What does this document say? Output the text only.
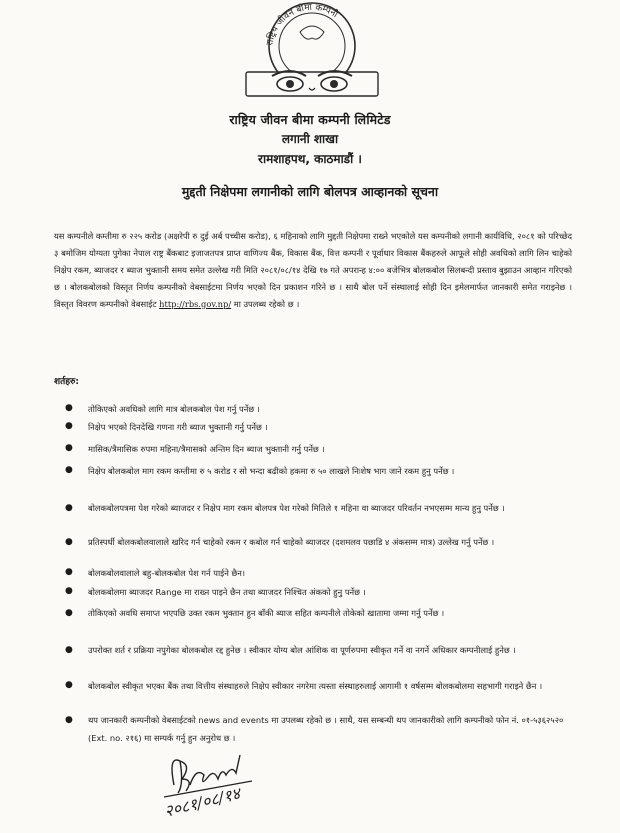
राष्ट्रिय जीवन बीमा कम्पनी
राष्ट्रिय जीवन बीमा कम्पनी लिमिटेड
लगानी शाखा
रामशाहपथ, काठमाडौं ।
मुद्दती निक्षेपमा लगानीको लागि बोलपत्र आव्हानको सूचना

यस कम्पनीले कम्तीमा रु २२५ करोड (अक्षरेपी रु दुई अर्ब पच्चीस करोड), ६ महिनाको लागि मुद्दती निक्षेपमा राख्ने भएकोले यस कम्पनीको लगानी कार्यविधि, २०८१ को परिच्छेद ३ बमोजिम योग्यता पुगेका नेपाल राष्ट्र बैंकबाट इजाजतपत्र प्राप्त वाणिज्य बैंक, विकास बैंक, वित्त कम्पनी र पूर्वाधार विकास बैंकहरुले आफूले सोही अवधिको लागि लिन चाहेको निक्षेप रकम, ब्याजदर र ब्याज भुक्तानी समय समेत उल्लेख गरी मिति २०८१/०८/१४ देखि १७ गते अपरान्ह ४:०० बजेभित्र बोलकबोल सिलबन्दी प्रस्ताव बुझाउन आव्हान गरिएको छ । बोलकबोलको विस्तृत निर्णय कम्पनीको वेबसाईटमा निर्णय भएको दिन प्रकाशन गरिने छ । साथै बोल पर्ने संस्थालाई सोही दिन इमेलमार्फत जानकारी समेत गराइनेछ । विस्तृत विवरण कम्पनीको वेबसाईट http://rbs.gov.np/ मा उपलब्ध रहेको छ ।

शर्तहरु:
● तोकिएको अवधिको लागि मात्र बोलकबोल पेश गर्नु पर्नेछ ।
● निक्षेप भएको दिनदेखि गणना गरी ब्याज भुक्तानी गर्नु पर्नेछ ।
● मासिक/त्रैमासिक रुपमा महिना/त्रैमासको अन्तिम दिन ब्याज भुक्तानी गर्नु पर्नेछ ।
● निक्षेप बोलकबोल माग रकम कम्तीमा रु ५ करोड र सो भन्दा बढीको हकमा रु ५० लाखले निःशेष भाग जाने रकम हुनु पर्नेछ ।
● बोलकबोलपत्रमा पेश गरेको ब्याजदर र निक्षेप माग रकम बोलपत्र पेश गरेको मितिले १ महिना वा ब्याजदर परिवर्तन नभएसम्म मान्य हुनु पर्नेछ ।
● प्रतिस्पर्धी बोलकबोलवालाले खरिद गर्न चाहेको रकम र कबोल गर्न चाहेको ब्याजदर (दशमलव पछाडि ४ अंकसम्म मात्र) उल्लेख गर्नु पर्नेछ ।
● बोलकबोलवालाले बहु-बोलकबोल पेश गर्न पाईने छैन।
● बोलकबोलमा ब्याजदर Range मा राख्न पाइने छैन तथा ब्याजदर निश्चित अंकको हुनु पर्नेछ ।
● तोकिएको अवधि समाप्त भएपछि उक्त रकम भुक्तान हुन बाँकी ब्याज सहित कम्पनीले तोकेको खातामा जम्मा गर्नु पर्नेछ ।
● उपरोक्त शर्त र प्रक्रिया नपुगेका बोलकबोल रद्द हुनेछ । स्वीकार योग्य बोल आंशिक वा पूर्णरुपमा स्वीकृत गर्ने वा नगर्ने अधिकार कम्पनीलाई हुनेछ ।
● बोलकबोल स्वीकृत भएका बैंक तथा वित्तीय संस्थाहरुले निक्षेप स्वीकार नगरेमा त्यस्ता संस्थाहरुलाई आगामी १ वर्षसम्म बोलकबोलमा सहभागी गराइने छैन ।
● थप जानकारी कम्पनीको वेबसाईटको news and events मा उपलब्ध रहेको छ । साथै, यस सम्बन्धी थप जानकारीको लागि कम्पनीको फोन नं. ०१-५३६२५२० (Ext. no. २१६) मा सम्पर्क गर्नु हुन अनुरोध छ ।
२०८१/०८/१४
